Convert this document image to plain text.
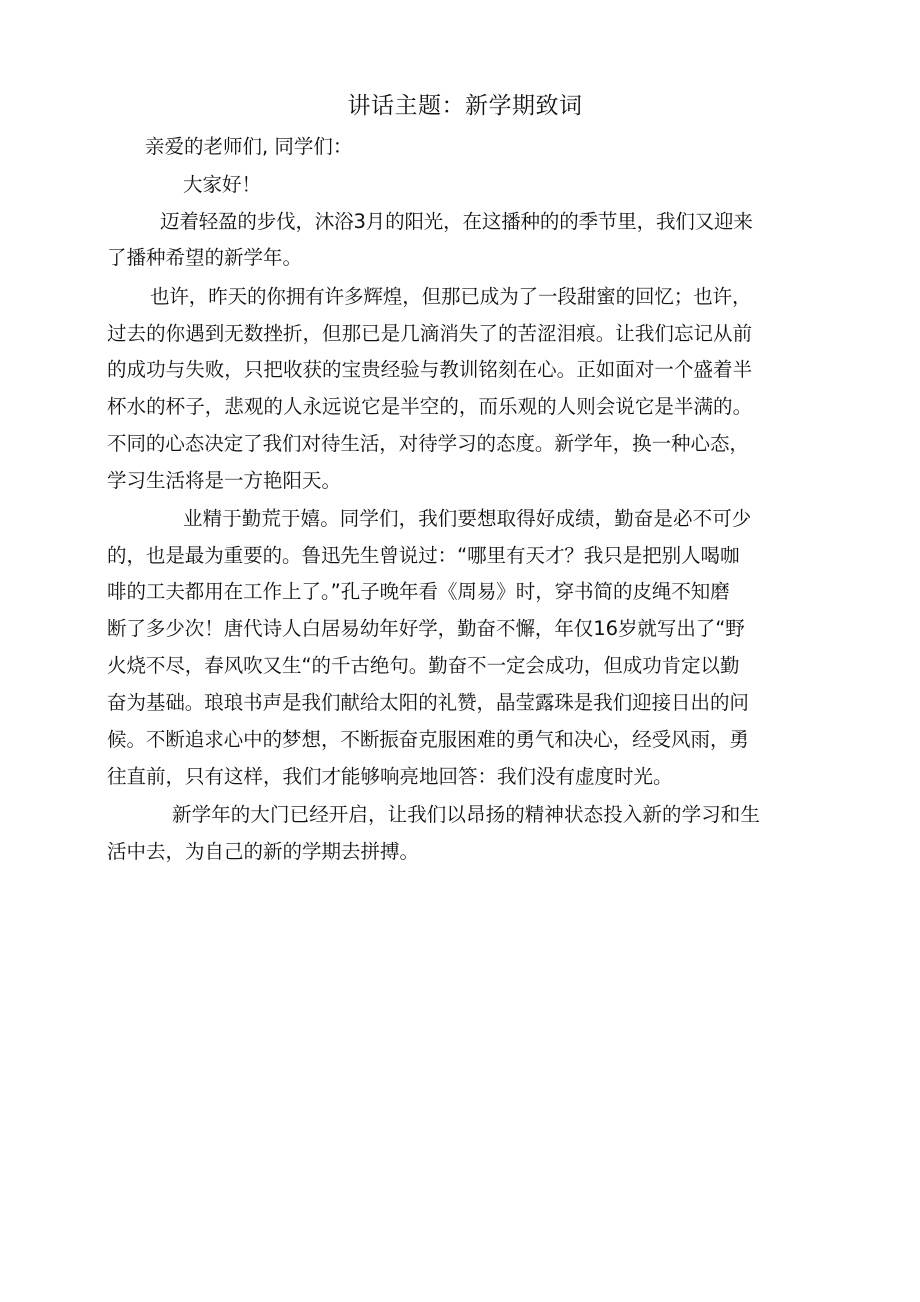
讲话主题：新学期致词
亲爱的老师们, 同学们：
大家好！
迈着轻盈的步伐，沐浴3月的阳光，在这播种的的季节里，我们又迎来
了播种希望的新学年。
也许，昨天的你拥有许多辉煌，但那已成为了一段甜蜜的回忆；也许，
过去的你遇到无数挫折，但那已是几滴消失了的苦涩泪痕。让我们忘记从前
的成功与失败，只把收获的宝贵经验与教训铭刻在心。正如面对一个盛着半
杯水的杯子，悲观的人永远说它是半空的，而乐观的人则会说它是半满的。
不同的心态决定了我们对待生活，对待学习的态度。新学年，换一种心态，
学习生活将是一方艳阳天。
业精于勤荒于嬉。同学们，我们要想取得好成绩，勤奋是必不可少
的，也是最为重要的。鲁迅先生曾说过：“哪里有天才？我只是把别人喝咖
啡的工夫都用在工作上了。”孔子晚年看《周易》时，穿书简的皮绳不知磨
断了多少次！唐代诗人白居易幼年好学，勤奋不懈，年仅16岁就写出了“野
火烧不尽，春风吹又生“的千古绝句。勤奋不一定会成功，但成功肯定以勤
奋为基础。琅琅书声是我们献给太阳的礼赞，晶莹露珠是我们迎接日出的问
候。不断追求心中的梦想，不断振奋克服困难的勇气和决心，经受风雨，勇
往直前，只有这样，我们才能够响亮地回答：我们没有虚度时光。
新学年的大门已经开启，让我们以昂扬的精神状态投入新的学习和生
活中去，为自己的新的学期去拼搏。
